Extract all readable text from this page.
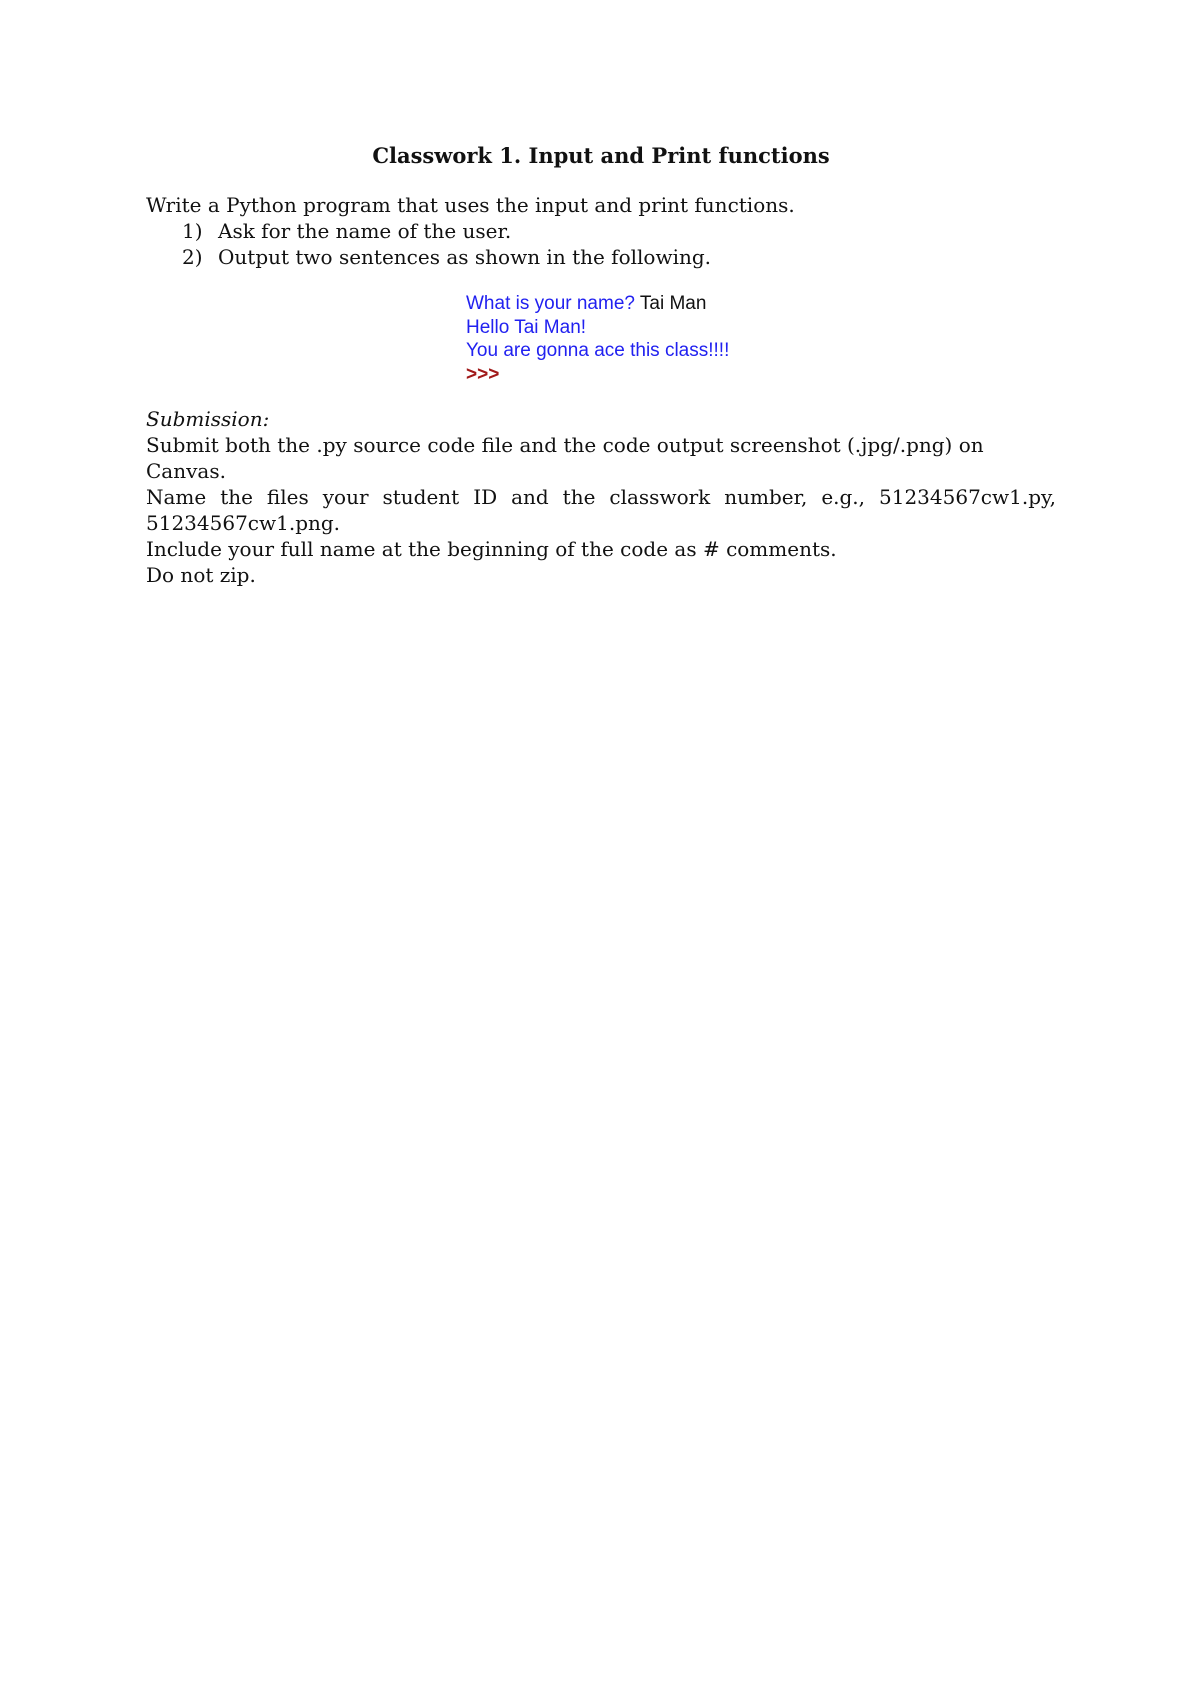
Classwork 1. Input and Print functions

Write a Python program that uses the input and print functions.

1) Ask for the name of the user.
2) Output two sentences as shown in the following.
What is your name? Tai Man
Hello Tai Man!
You are gonna ace this class!!!!
>>>

Submission:

Submit both the .py source code file and the code output screenshot (.jpg/.png) on Canvas.

Name the files your student ID and the classwork number, e.g., 51234567cw1.py, 51234567cw1.png.

Include your full name at the beginning of the code as # comments.

Do not zip.
